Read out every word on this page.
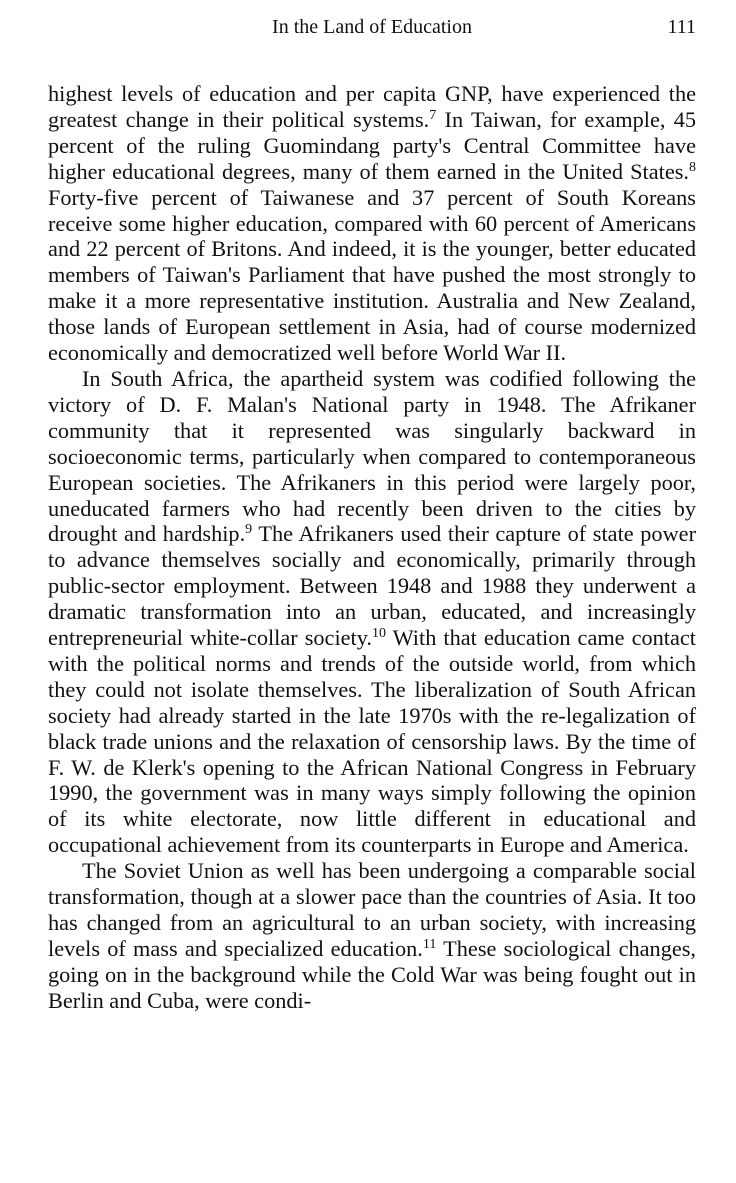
In the Land of Education	111

highest levels of education and per capita GNP, have experienced the greatest change in their political systems.$^7$ In Taiwan, for example, 45 percent of the ruling Guomindang party's Central Committee have higher educational degrees, many of them earned in the United States.$^8$ Forty-five percent of Taiwanese and 37 percent of South Koreans receive some higher education, compared with 60 percent of Americans and 22 percent of Britons. And indeed, it is the younger, better educated members of Taiwan's Parliament that have pushed the most strongly to make it a more representative institution. Australia and New Zealand, those lands of European settlement in Asia, had of course modernized economically and democratized well before World War II.

In South Africa, the apartheid system was codified following the victory of D. F. Malan's National party in 1948. The Afrikaner community that it represented was singularly backward in socioeconomic terms, particularly when compared to contemporaneous European societies. The Afrikaners in this period were largely poor, uneducated farmers who had recently been driven to the cities by drought and hardship.$^9$ The Afrikaners used their capture of state power to advance themselves socially and economically, primarily through public-sector employment. Between 1948 and 1988 they underwent a dramatic transformation into an urban, educated, and increasingly entrepreneurial white-collar society.$^{10}$ With that education came contact with the political norms and trends of the outside world, from which they could not isolate themselves. The liberalization of South African society had already started in the late 1970s with the re-legalization of black trade unions and the relaxation of censorship laws. By the time of F. W. de Klerk's opening to the African National Congress in February 1990, the government was in many ways simply following the opinion of its white electorate, now little different in educational and occupational achievement from its counterparts in Europe and America.

The Soviet Union as well has been undergoing a comparable social transformation, though at a slower pace than the countries of Asia. It too has changed from an agricultural to an urban society, with increasing levels of mass and specialized education.$^{11}$ These sociological changes, going on in the background while the Cold War was being fought out in Berlin and Cuba, were condi-
